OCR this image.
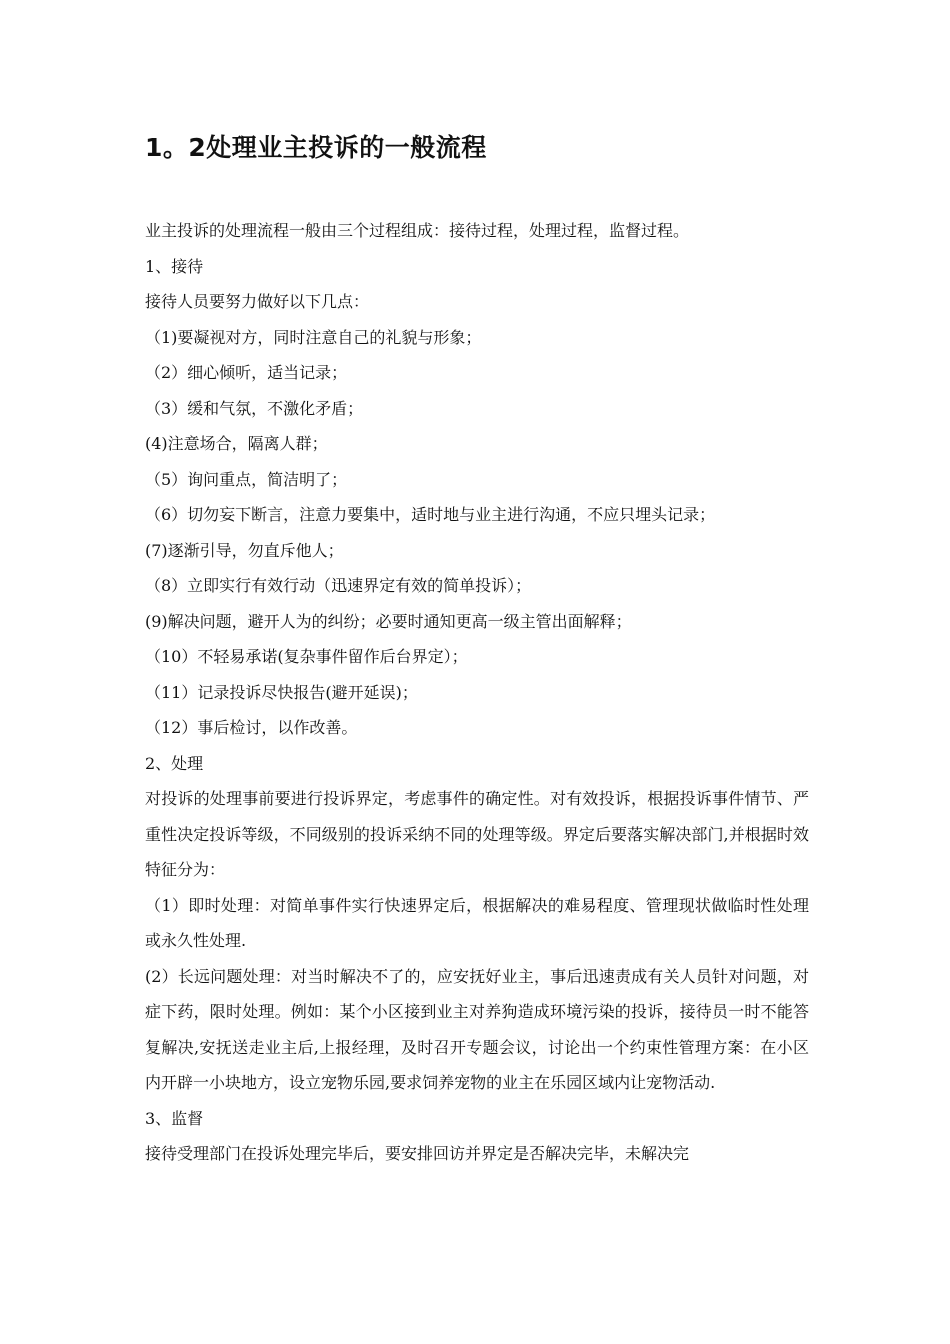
1。2处理业主投诉的一般流程

业主投诉的处理流程一般由三个过程组成：接待过程，处理过程，监督过程。

1、接待

接待人员要努力做好以下几点：

（1)要凝视对方，同时注意自己的礼貌与形象；

（2）细心倾听，适当记录；

（3）缓和气氛，不激化矛盾；

(4)注意场合，隔离人群；

（5）询问重点，简洁明了；

（6）切勿妄下断言，注意力要集中，适时地与业主进行沟通，不应只埋头记录；

(7)逐渐引导，勿直斥他人；

（8）立即实行有效行动（迅速界定有效的简单投诉）；

(9)解决问题，避开人为的纠纷；必要时通知更高一级主管出面解释；

（10）不轻易承诺(复杂事件留作后台界定）；

（11）记录投诉尽快报告(避开延误)；

（12）事后检讨，以作改善。

2、处理

对投诉的处理事前要进行投诉界定，考虑事件的确定性。对有效投诉，根据投诉事件情节、严重性决定投诉等级，不同级别的投诉采纳不同的处理等级。界定后要落实解决部门,并根据时效特征分为：

（1）即时处理：对简单事件实行快速界定后，根据解决的难易程度、管理现状做临时性处理或永久性处理.

(2）长远问题处理：对当时解决不了的，应安抚好业主，事后迅速责成有关人员针对问题，对症下药，限时处理。例如：某个小区接到业主对养狗造成环境污染的投诉，接待员一时不能答复解决,安抚送走业主后,上报经理，及时召开专题会议，讨论出一个约束性管理方案：在小区内开辟一小块地方，设立宠物乐园,要求饲养宠物的业主在乐园区域内让宠物活动.

3、监督

接待受理部门在投诉处理完毕后，要安排回访并界定是否解决完毕，未解决完
